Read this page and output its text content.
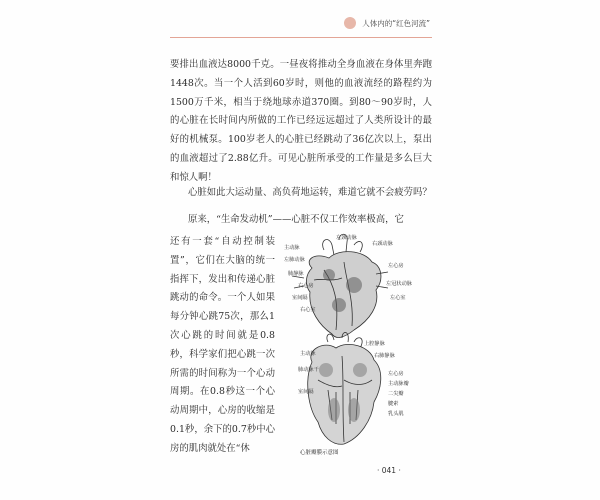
人体内的“红色河流”

要排出血液达8000千克。一昼夜将推动全身血液在身体里奔跑1448次。当一个人活到60岁时，则他的血液流经的路程约为1500万千米，相当于绕地球赤道370圈。到80～90岁时，人的心脏在长时间内所做的工作已经远远超过了人类所设计的最好的机械泵。100岁老人的心脏已经跳动了36亿次以上，泵出的血液超过了2.88亿升。可见心脏所承受的工作量是多么巨大和惊人啊！

心脏如此大运动量、高负荷地运转，难道它就不会疲劳吗？

原来，“生命发动机”——心脏不仅工作效率极高，它

还有一套“自动控制装置”，它们在大脑的统一指挥下，发出和传递心脏跳动的命令。一个人如果每分钟心跳75次，那么1次心跳的时间就是0.8秒，科学家们把心跳一次所需的时间称为一个心动周期。在0.8秒这一个心动周期中，心房的收缩是0.1秒，余下的0.7秒中心房的肌肉就处在“休

左颈动脉
右颈动脉
主动脉
左肺动脉
肺静脉
左心房
右心房	左冠状动脉
室间隔	左心室
右心室
上腔静脉
主动脉	右肺静脉
肺动脉干
左心房
主动脉瓣
二尖瓣
室间隔
腱索
乳头肌
心脏瓣膜示意图
· 041 ·
